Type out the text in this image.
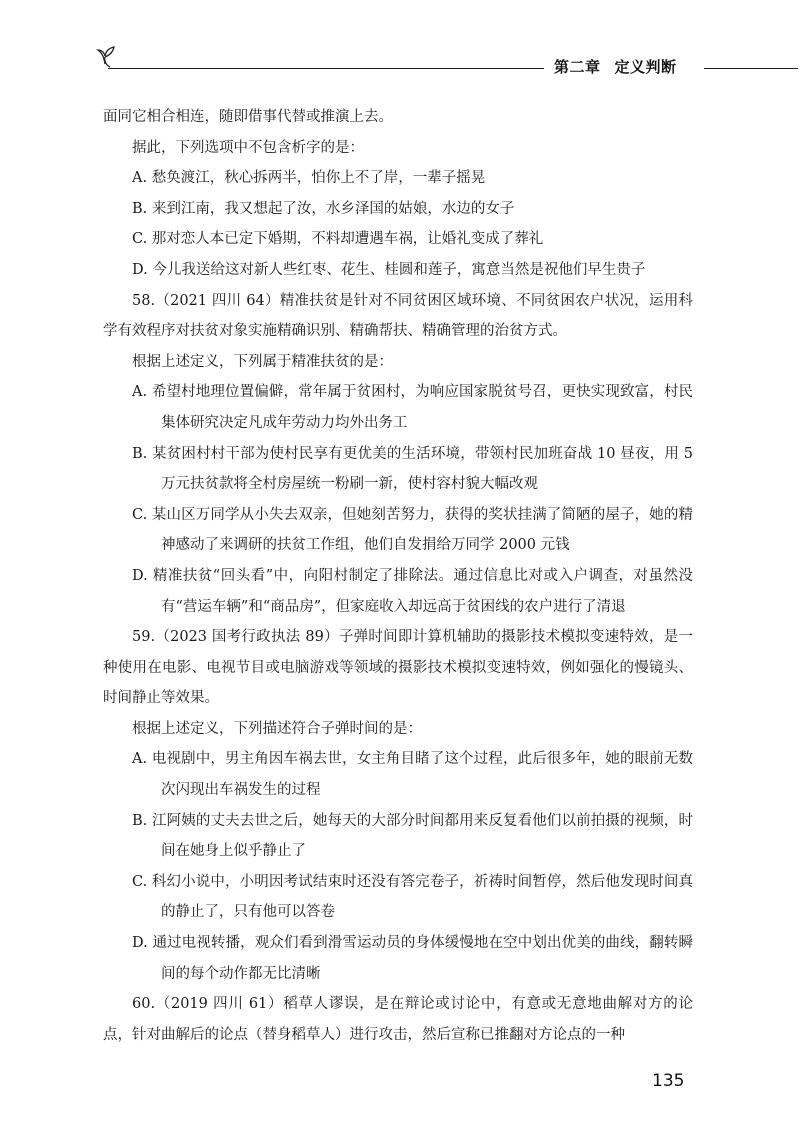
第二章 定义判断

面同它相合相连，随即借事代替或推演上去。

据此，下列选项中不包含析字的是：

A. 愁奂渡江，秋心拆两半，怕你上不了岸，一辈子摇晃

B. 来到江南，我又想起了汝，水乡泽国的姑娘，水边的女子

C. 那对恋人本已定下婚期，不料却遭遇车祸，让婚礼变成了葬礼

D. 今儿我送给这对新人些红枣、花生、桂圆和莲子，寓意当然是祝他们早生贵子

58.（2021 四川 64）精准扶贫是针对不同贫困区域环境、不同贫困农户状况，运用科学有效程序对扶贫对象实施精确识别、精确帮扶、精确管理的治贫方式。

根据上述定义，下列属于精准扶贫的是：

A. 希望村地理位置偏僻，常年属于贫困村，为响应国家脱贫号召，更快实现致富，村民集体研究决定凡成年劳动力均外出务工

B. 某贫困村村干部为使村民享有更优美的生活环境，带领村民加班奋战 10 昼夜，用 5 万元扶贫款将全村房屋统一粉刷一新，使村容村貌大幅改观

C. 某山区万同学从小失去双亲，但她刻苦努力，获得的奖状挂满了简陋的屋子，她的精神感动了来调研的扶贫工作组，他们自发捐给万同学 2000 元钱

D. 精准扶贫“回头看”中，向阳村制定了排除法。通过信息比对或入户调查，对虽然没有“营运车辆”和“商品房”，但家庭收入却远高于贫困线的农户进行了清退

59.（2023 国考行政执法 89）子弹时间即计算机辅助的摄影技术模拟变速特效，是一种使用在电影、电视节目或电脑游戏等领域的摄影技术模拟变速特效，例如强化的慢镜头、时间静止等效果。

根据上述定义，下列描述符合子弹时间的是：

A. 电视剧中，男主角因车祸去世，女主角目睹了这个过程，此后很多年，她的眼前无数次闪现出车祸发生的过程

B. 江阿姨的丈夫去世之后，她每天的大部分时间都用来反复看他们以前拍摄的视频，时间在她身上似乎静止了

C. 科幻小说中，小明因考试结束时还没有答完卷子，祈祷时间暂停，然后他发现时间真的静止了，只有他可以答卷

D. 通过电视转播，观众们看到滑雪运动员的身体缓慢地在空中划出优美的曲线，翻转瞬间的每个动作都无比清晰

60.（2019 四川 61）稻草人谬误，是在辩论或讨论中，有意或无意地曲解对方的论点，针对曲解后的论点（替身稻草人）进行攻击，然后宣称已推翻对方论点的一种

135
